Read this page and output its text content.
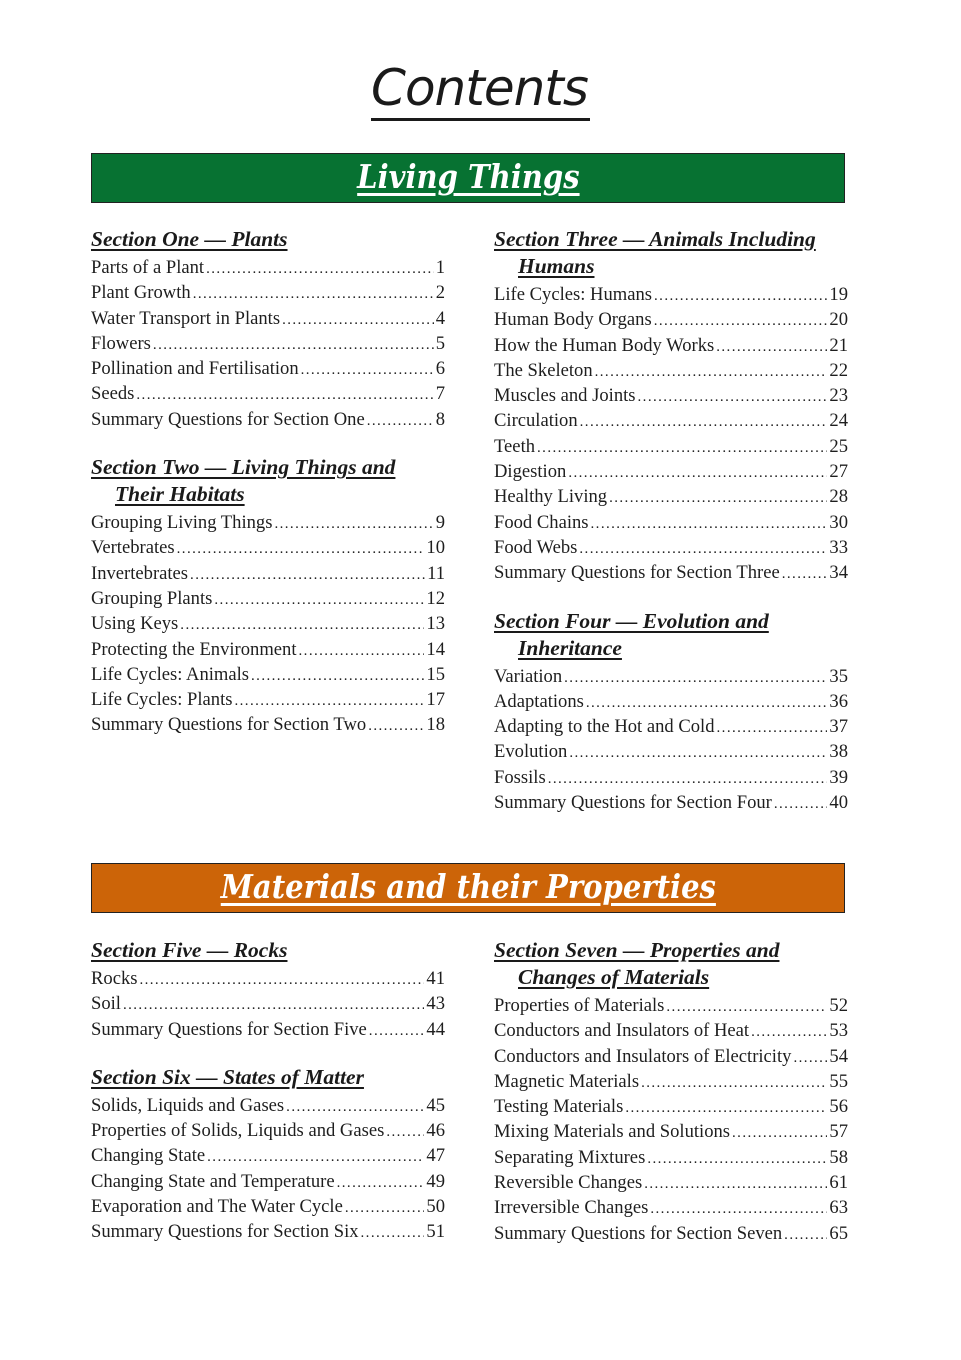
Contents
Living Things
Section One — Plants
Parts of a Plant .....	1
Plant Growth .....	2
Water Transport in Plants .....	4
Flowers .....	5
Pollination and Fertilisation .....	6
Seeds .....	7
Summary Questions for Section One .....	8
Section Two — Living Things and
Their Habitats
Grouping Living Things .....	9
Vertebrates .....	10
Invertebrates .....	11
Grouping Plants .....	12
Using Keys .....	13
Protecting the Environment .....	14
Life Cycles: Animals .....	15
Life Cycles: Plants .....	17
Summary Questions for Section Two .....	18
Section Three — Animals Including
Humans
Life Cycles: Humans .....	19
Human Body Organs .....	20
How the Human Body Works .....	21
The Skeleton .....	22
Muscles and Joints .....	23
Circulation .....	24
Teeth .....	25
Digestion .....	27
Healthy Living .....	28
Food Chains .....	30
Food Webs .....	33
Summary Questions for Section Three .....	34
Section Four — Evolution and
Inheritance
Variation .....	35
Adaptations .....	36
Adapting to the Hot and Cold .....	37
Evolution .....	38
Fossils .....	39
Summary Questions for Section Four .....	40
Materials and their Properties
Section Five — Rocks
Rocks .....	41
Soil .....	43
Summary Questions for Section Five .....	44
Section Six — States of Matter
Solids, Liquids and Gases .....	45
Properties of Solids, Liquids and Gases ..... 46
Changing State .....	47
Changing State and Temperature .....	49
Evaporation and The Water Cycle .....	50
Summary Questions for Section Six .....	51
Section Seven — Properties and
Changes of Materials
Properties of Materials .....	52
Conductors and Insulators of Heat .....	53
Conductors and Insulators of Electricity ..... 54
Magnetic Materials .....	55
Testing Materials .....	56
Mixing Materials and Solutions .....	57
Separating Mixtures .....	58
Reversible Changes .....	61
Irreversible Changes .....	63
Summary Questions for Section Seven .....	65
